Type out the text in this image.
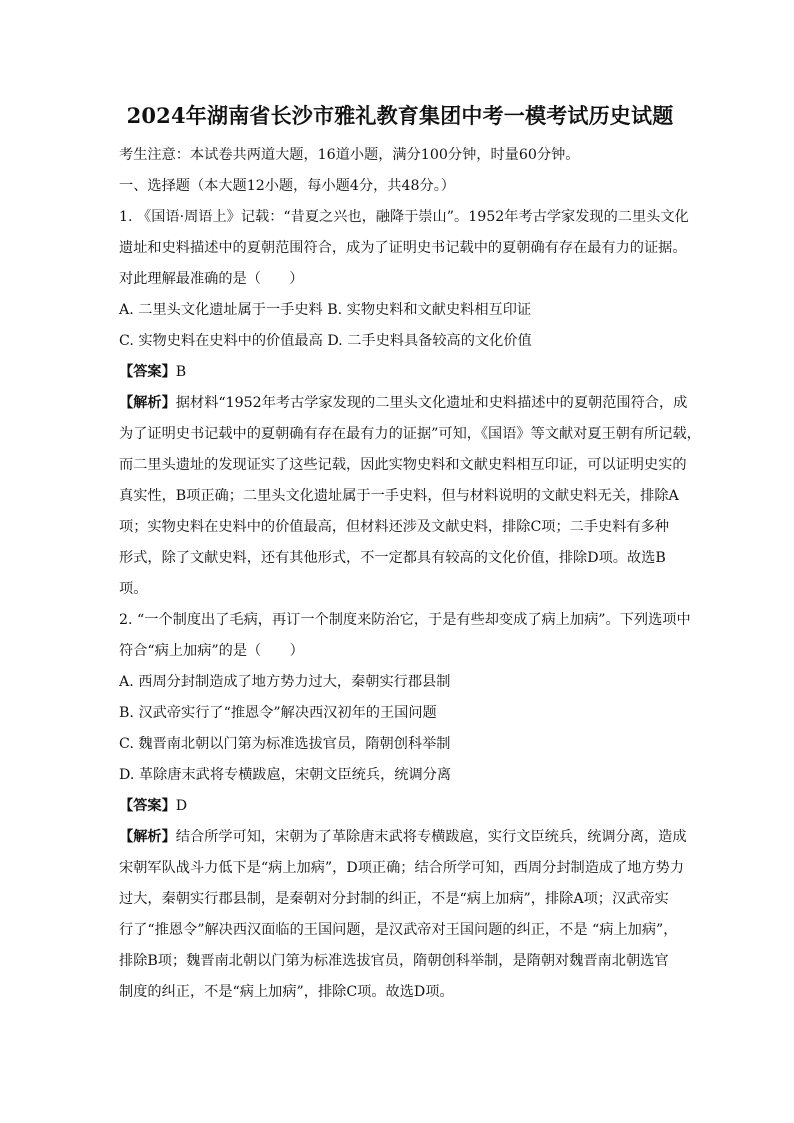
2024年湖南省长沙市雅礼教育集团中考一模考试历史试题

考生注意：本试卷共两道大题，16道小题，满分100分钟，时量60分钟。

一、选择题（本大题12小题，每小题4分，共48分。）

1. 《国语·周语上》记载：“昔夏之兴也，融降于崇山”。1952年考古学家发现的二里头文化

遗址和史料描述中的夏朝范围符合，成为了证明史书记载中的夏朝确有存在最有力的证据。

对此理解最准确的是（　　）

A. 二里头文化遗址属于一手史料 B. 实物史料和文献史料相互印证

C. 实物史料在史料中的价值最高 D. 二手史料具备较高的文化价值

【答案】B

【解析】据材料“1952年考古学家发现的二里头文化遗址和史料描述中的夏朝范围符合，成

为了证明史书记载中的夏朝确有存在最有力的证据”可知，《国语》等文献对夏王朝有所记载，

而二里头遗址的发现证实了这些记载，因此实物史料和文献史料相互印证，可以证明史实的

真实性，B项正确；二里头文化遗址属于一手史料，但与材料说明的文献史料无关，排除A

项；实物史料在史料中的价值最高，但材料还涉及文献史料，排除C项；二手史料有多种

形式，除了文献史料，还有其他形式，不一定都具有较高的文化价值，排除D项。故选B

项。

2. “一个制度出了毛病，再订一个制度来防治它，于是有些却变成了病上加病”。下列选项中

符合“病上加病”的是（　　）

A. 西周分封制造成了地方势力过大，秦朝实行郡县制

B. 汉武帝实行了“推恩令”解决西汉初年的王国问题

C. 魏晋南北朝以门第为标准选拔官员，隋朝创科举制

D. 革除唐末武将专横跋扈，宋朝文臣统兵，统调分离

【答案】D

【解析】结合所学可知，宋朝为了革除唐末武将专横跋扈，实行文臣统兵，统调分离，造成

宋朝军队战斗力低下是“病上加病”，D项正确；结合所学可知，西周分封制造成了地方势力

过大，秦朝实行郡县制，是秦朝对分封制的纠正，不是“病上加病”，排除A项；汉武帝实

行了“推恩令”解决西汉面临的王国问题，是汉武帝对王国问题的纠正，不是 “病上加病”，

排除B项；魏晋南北朝以门第为标准选拔官员，隋朝创科举制，是隋朝对魏晋南北朝选官

制度的纠正，不是“病上加病”，排除C项。故选D项。
